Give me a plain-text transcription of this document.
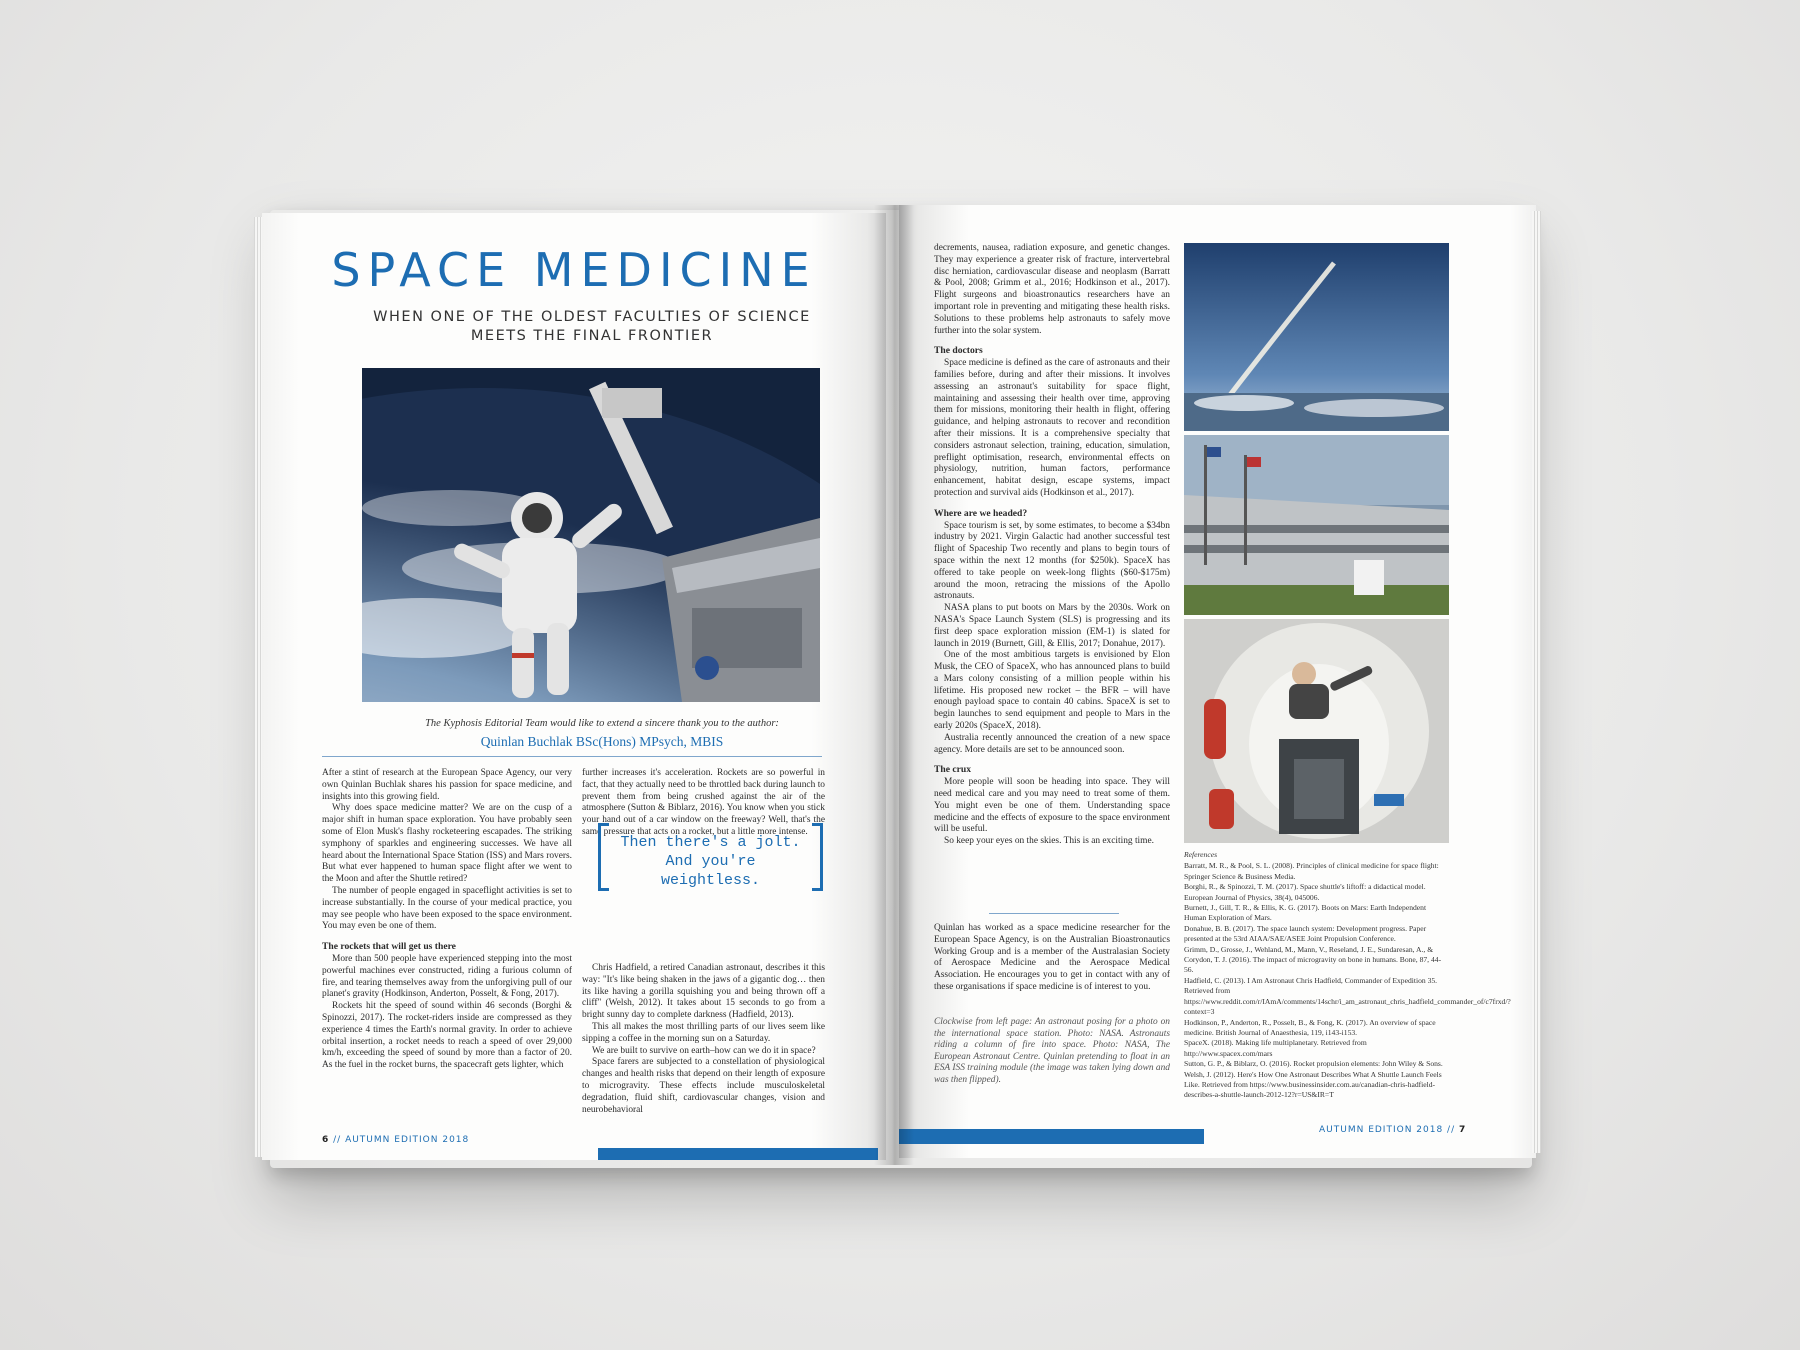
SPACE MEDICINE
WHEN ONE OF THE OLDEST FACULTIES OF SCIENCE
MEETS THE FINAL FRONTIER
The Kyphosis Editorial Team would like to extend a sincere thank you to the author:
Quinlan Buchlak BSc(Hons) MPsych, MBIS

After a stint of research at the European Space Agency, our very own Quinlan Buchlak shares his passion for space medicine, and insights into this growing field.

Why does space medicine matter? We are on the cusp of a major shift in human space exploration. You have probably seen some of Elon Musk's flashy rocketeering escapades. The striking symphony of sparkles and engineering successes. We have all heard about the International Space Station (ISS) and Mars rovers. But what ever happened to human space flight after we went to the Moon and after the Shuttle retired?

The number of people engaged in spaceflight activities is set to increase substantially. In the course of your medical practice, you may see people who have been exposed to the space environment. You may even be one of them.

The rockets that will get us there

More than 500 people have experienced stepping into the most powerful machines ever constructed, riding a furious column of fire, and tearing themselves away from the unforgiving pull of our planet's gravity (Hodkinson, Anderton, Posselt, & Fong, 2017).

Rockets hit the speed of sound within 46 seconds (Borghi & Spinozzi, 2017). The rocket-riders inside are compressed as they experience 4 times the Earth's normal gravity. In order to achieve orbital insertion, a rocket needs to reach a speed of over 29,000 km/h, exceeding the speed of sound by more than a factor of 20. As the fuel in the rocket burns, the spacecraft gets lighter, which

further increases it's acceleration. Rockets are so powerful in fact, that they actually need to be throttled back during launch to prevent them from being crushed against the air of the atmosphere (Sutton & Biblarz, 2016). You know when you stick your hand out of a car window on the freeway? Well, that's the same pressure that acts on a rocket, but a little more intense.

Then there's a jolt.
And you're weightless.

Chris Hadfield, a retired Canadian astronaut, describes it this way: "It's like being shaken in the jaws of a gigantic dog… then its like having a gorilla squishing you and being thrown off a cliff" (Welsh, 2012). It takes about 15 seconds to go from a bright sunny day to complete darkness (Hadfield, 2013).

This all makes the most thrilling parts of our lives seem like sipping a coffee in the morning sun on a Saturday.

We are built to survive on earth–how can we do it in space?

Space farers are subjected to a constellation of physiological changes and health risks that depend on their length of exposure to microgravity. These effects include musculoskeletal degradation, fluid shift, cardiovascular changes, vision and neurobehavioral

6 // AUTUMN EDITION 2018

decrements, nausea, radiation exposure, and genetic changes. They may experience a greater risk of fracture, intervertebral disc herniation, cardiovascular disease and neoplasm (Barratt & Pool, 2008; Grimm et al., 2016; Hodkinson et al., 2017). Flight surgeons and bioastronautics researchers have an important role in preventing and mitigating these health risks. Solutions to these problems help astronauts to safely move further into the solar system.

The doctors

Space medicine is defined as the care of astronauts and their families before, during and after their missions. It involves assessing an astronaut's suitability for space flight, maintaining and assessing their health over time, approving them for missions, monitoring their health in flight, offering guidance, and helping astronauts to recover and recondition after their missions. It is a comprehensive specialty that considers astronaut selection, training, education, simulation, preflight optimisation, research, environmental effects on physiology, nutrition, human factors, performance enhancement, habitat design, escape systems, impact protection and survival aids (Hodkinson et al., 2017).

Where are we headed?

Space tourism is set, by some estimates, to become a $34bn industry by 2021. Virgin Galactic had another successful test flight of Spaceship Two recently and plans to begin tours of space within the next 12 months (for $250k). SpaceX has offered to take people on week-long flights ($60-$175m) around the moon, retracing the missions of the Apollo astronauts.

NASA plans to put boots on Mars by the 2030s. Work on NASA's Space Launch System (SLS) is progressing and its first deep space exploration mission (EM-1) is slated for launch in 2019 (Burnett, Gill, & Ellis, 2017; Donahue, 2017).

One of the most ambitious targets is envisioned by Elon Musk, the CEO of SpaceX, who has announced plans to build a Mars colony consisting of a million people within his lifetime. His proposed new rocket – the BFR – will have enough payload space to contain 40 cabins. SpaceX is set to begin launches to send equipment and people to Mars in the early 2020s (SpaceX, 2018).

Australia recently announced the creation of a new space agency. More details are set to be announced soon.

The crux

More people will soon be heading into space. They will need medical care and you may need to treat some of them. You might even be one of them. Understanding space medicine and the effects of exposure to the space environment will be useful.

So keep your eyes on the skies. This is an exciting time.

Quinlan has worked as a space medicine researcher for the European Space Agency, is on the Australian Bioastronautics Working Group and is a member of the Australasian Society of Aerospace Medicine and the Aerospace Medical Association. He encourages you to get in contact with any of these organisations if space medicine is of interest to you.

Clockwise from left page: An astronaut posing for a photo on the international space station. Photo: NASA. Astronauts riding a column of fire into space. Photo: NASA, The European Astronaut Centre. Quinlan pretending to float in an ESA ISS training module (the image was taken lying down and was then flipped).
References

Barratt, M. R., & Pool, S. L. (2008). Principles of clinical medicine for space flight: Springer Science & Business Media.

Borghi, R., & Spinozzi, T. M. (2017). Space shuttle's liftoff: a didactical model. European Journal of Physics, 38(4), 045006.

Burnett, J., Gill, T. R., & Ellis, K. G. (2017). Boots on Mars: Earth Independent Human Exploration of Mars.

Donahue, B. B. (2017). The space launch system: Development progress. Paper presented at the 53rd AIAA/SAE/ASEE Joint Propulsion Conference.

Grimm, D., Grosse, J., Wehland, M., Mann, V., Reseland, J. E., Sundaresan, A., & Corydon, T. J. (2016). The impact of microgravity on bone in humans. Bone, 87, 44-56.

Hadfield, C. (2013). I Am Astronaut Chris Hadfield, Commander of Expedition 35. Retrieved from https://www.reddit.com/r/IAmA/comments/14schr/i_am_astronaut_chris_hadfield_commander_of/c7frxd/?context=3

Hodkinson, P., Anderton, R., Posselt, B., & Fong, K. (2017). An overview of space medicine. British Journal of Anaesthesia, 119, i143-i153.

SpaceX. (2018). Making life multiplanetary. Retrieved from http://www.spacex.com/mars

Sutton, G. P., & Biblarz, O. (2016). Rocket propulsion elements: John Wiley & Sons.

Welsh, J. (2012). Here's How One Astronaut Describes What A Shuttle Launch Feels Like. Retrieved from https://www.businessinsider.com.au/canadian-chris-hadfield-describes-a-shuttle-launch-2012-12?r=US&IR=T

AUTUMN EDITION 2018 // 7
